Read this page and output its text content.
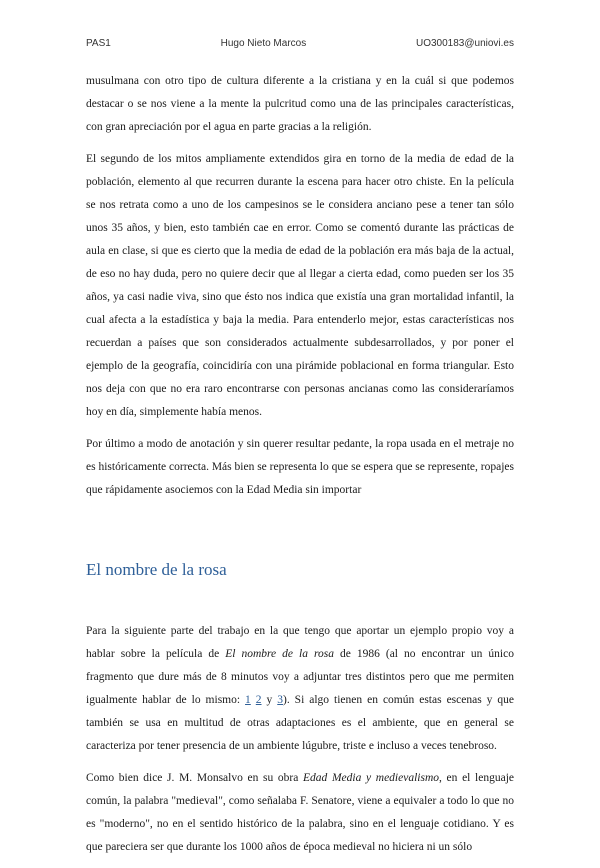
PAS1	Hugo Nieto Marcos	UO300183@uniovi.es

musulmana con otro tipo de cultura diferente a la cristiana y en la cuál si que podemos destacar o se nos viene a la mente la pulcritud como una de las principales características, con gran apreciación por el agua en parte gracias a la religión.

El segundo de los mitos ampliamente extendidos gira en torno de la media de edad de la población, elemento al que recurren durante la escena para hacer otro chiste. En la película se nos retrata como a uno de los campesinos se le considera anciano pese a tener tan sólo unos 35 años, y bien, esto también cae en error. Como se comentó durante las prácticas de aula en clase, si que es cierto que la media de edad de la población era más baja de la actual, de eso no hay duda, pero no quiere decir que al llegar a cierta edad, como pueden ser los 35 años, ya casi nadie viva, sino que ésto nos indica que existía una gran mortalidad infantil, la cual afecta a la estadística y baja la media. Para entenderlo mejor, estas características nos recuerdan a países que son considerados actualmente subdesarrollados, y por poner el ejemplo de la geografía, coincidiría con una pirámide poblacional en forma triangular. Esto nos deja con que no era raro encontrarse con personas ancianas como las consideraríamos hoy en día, simplemente había menos.

Por último a modo de anotación y sin querer resultar pedante, la ropa usada en el metraje no es históricamente correcta. Más bien se representa lo que se espera que se represente, ropajes que rápidamente asociemos con la Edad Media sin importar

El nombre de la rosa

Para la siguiente parte del trabajo en la que tengo que aportar un ejemplo propio voy a hablar sobre la película de El nombre de la rosa de 1986 (al no encontrar un único fragmento que dure más de 8 minutos voy a adjuntar tres distintos pero que me permiten igualmente hablar de lo mismo: 1 2 y 3). Si algo tienen en común estas escenas y que también se usa en multitud de otras adaptaciones es el ambiente, que en general se caracteriza por tener presencia de un ambiente lúgubre, triste e incluso a veces tenebroso.

Como bien dice J. M. Monsalvo en su obra Edad Media y medievalismo, en el lenguaje común, la palabra "medieval", como señalaba F. Senatore, viene a equivaler a todo lo que no es "moderno", no en el sentido histórico de la palabra, sino en el lenguaje cotidiano. Y es que pareciera ser que durante los 1000 años de época medieval no hiciera ni un sólo
